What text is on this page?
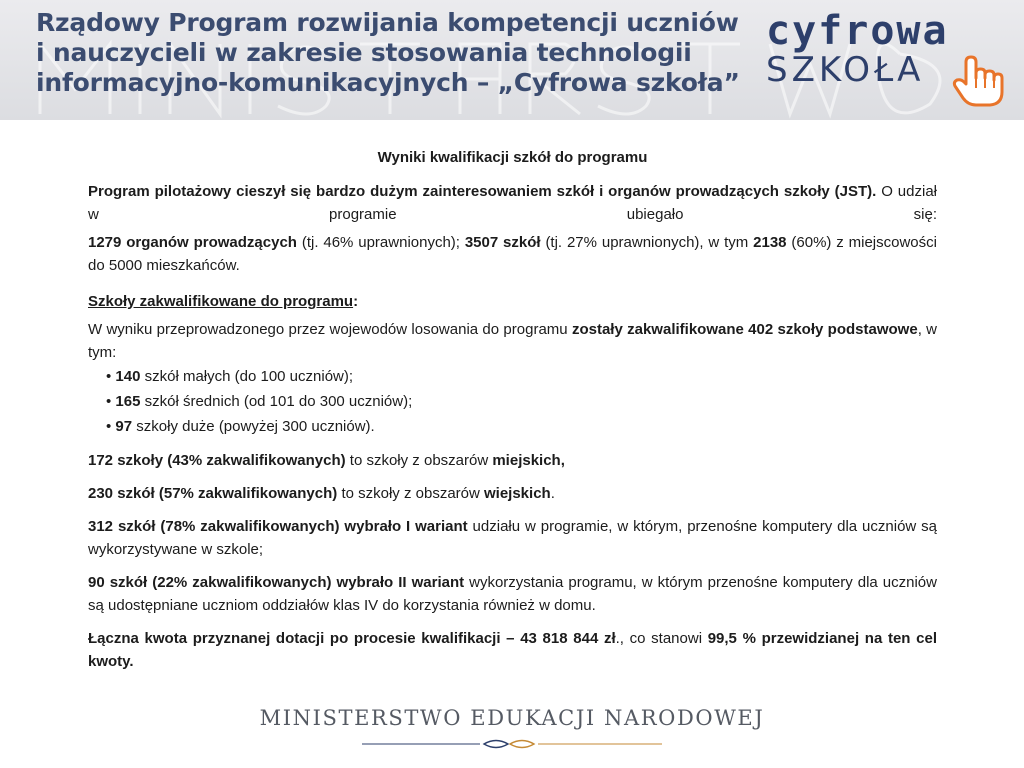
Rządowy Program rozwijania kompetencji uczniów
i nauczycieli w zakresie stosowania technologii
informacyjno-komunikacyjnych – „Cyfrowa szkoła”
cyfrowa
SZKOŁA

Wyniki kwalifikacji szkół do programu

Program pilotażowy cieszył się bardzo dużym zainteresowaniem szkół i organów prowadzących szkoły (JST). O udział w programie ubiegało się:

1279 organów prowadzących (tj. 46% uprawnionych); 3507 szkół (tj. 27% uprawnionych), w tym 2138 (60%) z miejscowości do 5000 mieszkańców.

Szkoły zakwalifikowane do programu:

W wyniku przeprowadzonego przez wojewodów losowania do programu zostały zakwalifikowane 402 szkoły podstawowe, w tym:

• 140 szkół małych (do 100 uczniów);

• 165 szkół średnich (od 101 do 300 uczniów);

• 97 szkoły duże (powyżej 300 uczniów).

172 szkoły (43% zakwalifikowanych) to szkoły z obszarów miejskich,

230 szkół (57% zakwalifikowanych) to szkoły z obszarów wiejskich.

312 szkół (78% zakwalifikowanych) wybrało I wariant udziału w programie, w którym, przenośne komputery dla uczniów są wykorzystywane w szkole;

90 szkół (22% zakwalifikowanych) wybrało II wariant wykorzystania programu, w którym przenośne komputery dla uczniów są udostępniane uczniom oddziałów klas IV do korzystania również w domu.

Łączna kwota przyznanej dotacji po procesie kwalifikacji – 43 818 844 zł., co stanowi 99,5 % przewidzianej na ten cel kwoty.

MINISTERSTWO EDUKACJI NARODOWEJ
